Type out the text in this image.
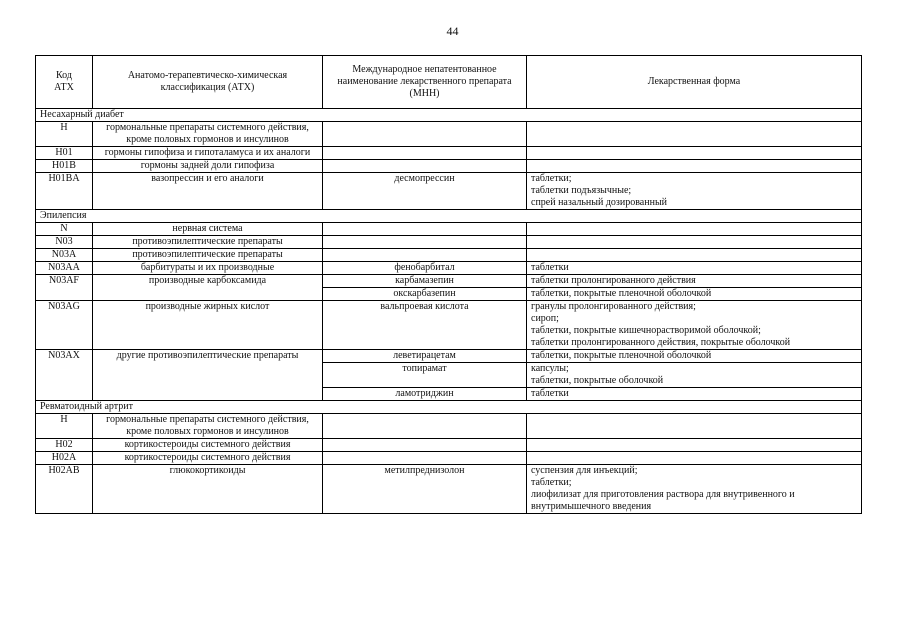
44
Код
АТХ	Анатомо-терапевтическо-химическая классификация (АТХ)	Международное непатентованное наименование лекарственного препарата (МНН)	Лекарственная форма
Несахарный диабет			
H	гормональные препараты системного действия, кроме половых гормонов и инсулинов		
H01	гормоны гипофиза и гипоталамуса и их аналоги		
H01B	гормоны задней доли гипофиза		
H01BA	вазопрессин и его аналоги	десмопрессин	таблетки;
таблетки подъязычные;
спрей назальный дозированный
Эпилепсия			
N	нервная система		
N03	противоэпилептические препараты		
N03A	противоэпилептические препараты		
N03AA	барбитураты и их производные	фенобарбитал	таблетки
N03AF	производные карбоксамида	карбамазепин	таблетки пролонгированного действия
		окскарбазепин	таблетки, покрытые пленочной оболочкой
N03AG	производные жирных кислот	вальпроевая кислота	гранулы пролонгированного действия;
сироп;
таблетки, покрытые кишечнорастворимой оболочкой;
таблетки пролонгированного действия, покрытые оболочкой
N03AX	другие противоэпилептические препараты	леветирацетам	таблетки, покрытые пленочной оболочкой
		топирамат	капсулы;
таблетки, покрытые оболочкой
		ламотриджин	таблетки
Ревматоидный артрит			
H	гормональные препараты системного действия, кроме половых гормонов и инсулинов		
H02	кортикостероиды системного действия		
H02A	кортикостероиды системного действия		
H02AB	глюкокортикоиды	метилпреднизолон	суспензия для инъекций;
таблетки;
лиофилизат для приготовления раствора для внутривенного и внутримышечного введения
